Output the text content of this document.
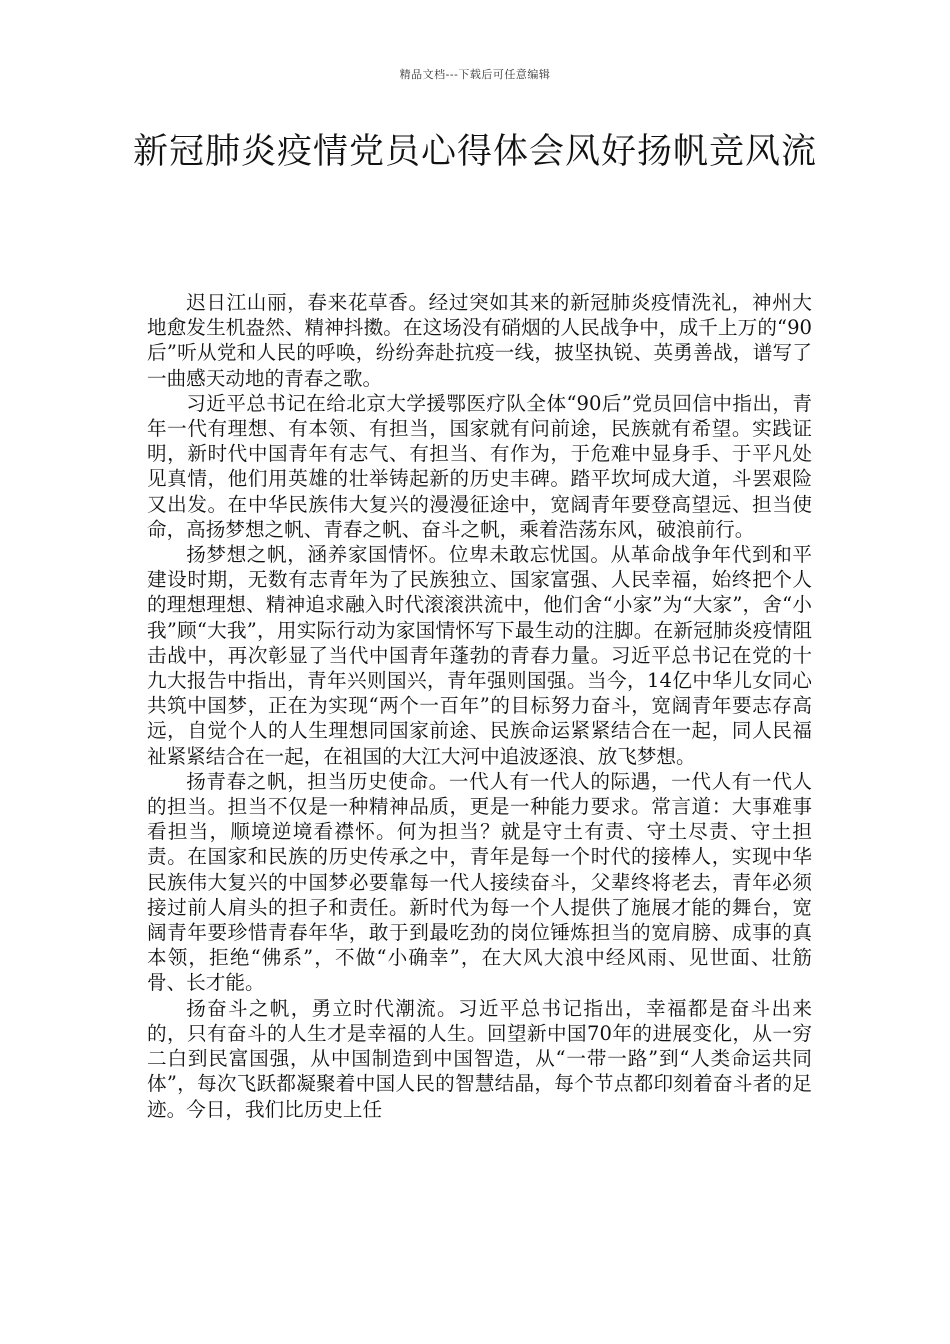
精品文档---下载后可任意编辑
新冠肺炎疫情党员心得体会风好扬帆竞风流

迟日江山丽，春来花草香。经过突如其来的新冠肺炎疫情洗礼，神州大地愈发生机盎然、精神抖擞。在这场没有硝烟的人民战争中，成千上万的“90后”听从党和人民的呼唤，纷纷奔赴抗疫一线，披坚执锐、英勇善战，谱写了一曲感天动地的青春之歌。

习近平总书记在给北京大学援鄂医疗队全体“90后”党员回信中指出，青年一代有理想、有本领、有担当，国家就有问前途，民族就有希望。实践证明，新时代中国青年有志气、有担当、有作为，于危难中显身手、于平凡处见真情，他们用英雄的壮举铸起新的历史丰碑。踏平坎坷成大道，斗罢艰险又出发。在中华民族伟大复兴的漫漫征途中，宽阔青年要登高望远、担当使命，高扬梦想之帆、青春之帆、奋斗之帆，乘着浩荡东风，破浪前行。

扬梦想之帆，涵养家国情怀。位卑未敢忘忧国。从革命战争年代到和平建设时期，无数有志青年为了民族独立、国家富强、人民幸福，始终把个人的理想理想、精神追求融入时代滚滚洪流中，他们舍“小家”为“大家”，舍“小我”顾“大我”，用实际行动为家国情怀写下最生动的注脚。在新冠肺炎疫情阻击战中，再次彰显了当代中国青年蓬勃的青春力量。习近平总书记在党的十九大报告中指出，青年兴则国兴，青年强则国强。当今，14亿中华儿女同心共筑中国梦，正在为实现“两个一百年”的目标努力奋斗，宽阔青年要志存高远，自觉个人的人生理想同国家前途、民族命运紧紧结合在一起，同人民福祉紧紧结合在一起，在祖国的大江大河中追波逐浪、放飞梦想。

扬青春之帆，担当历史使命。一代人有一代人的际遇，一代人有一代人的担当。担当不仅是一种精神品质，更是一种能力要求。常言道：大事难事看担当，顺境逆境看襟怀。何为担当？就是守土有责、守土尽责、守土担责。在国家和民族的历史传承之中，青年是每一个时代的接棒人，实现中华民族伟大复兴的中国梦必要靠每一代人接续奋斗，父辈终将老去，青年必须接过前人肩头的担子和责任。新时代为每一个人提供了施展才能的舞台，宽阔青年要珍惜青春年华，敢于到最吃劲的岗位锤炼担当的宽肩膀、成事的真本领，拒绝“佛系”，不做“小确幸”，在大风大浪中经风雨、见世面、壮筋骨、长才能。

扬奋斗之帆，勇立时代潮流。习近平总书记指出，幸福都是奋斗出来的，只有奋斗的人生才是幸福的人生。回望新中国70年的进展变化，从一穷二白到民富国强，从中国制造到中国智造，从“一带一路”到“人类命运共同体”，每次飞跃都凝聚着中国人民的智慧结晶，每个节点都印刻着奋斗者的足迹。今日，我们比历史上任
